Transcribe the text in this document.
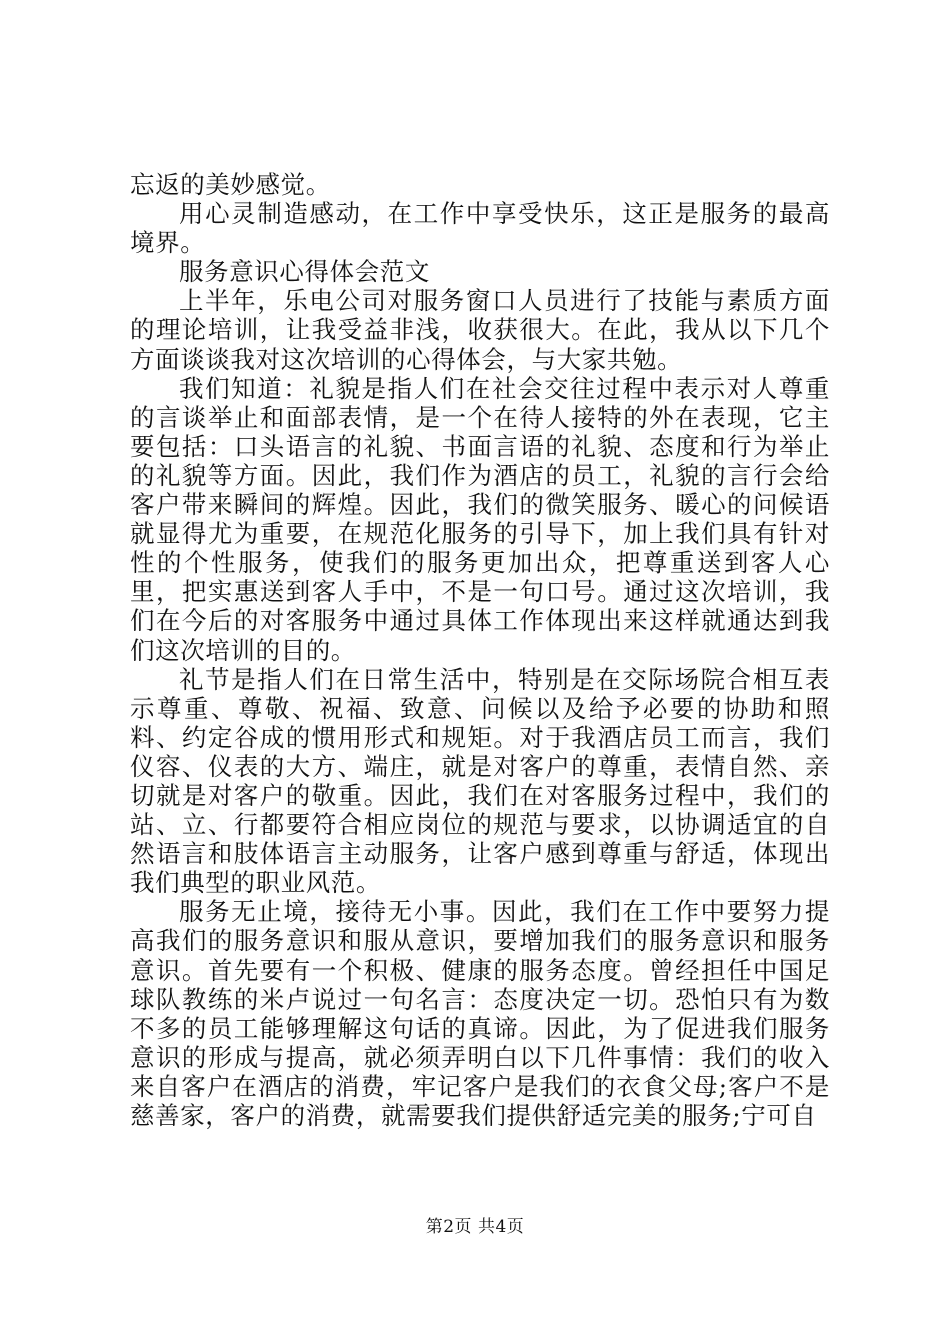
忘返的美妙感觉。

用心灵制造感动，在工作中享受快乐，这正是服务的最高境界。

服务意识心得体会范文

上半年，乐电公司对服务窗口人员进行了技能与素质方面的理论培训，让我受益非浅，收获很大。在此，我从以下几个方面谈谈我对这次培训的心得体会，与大家共勉。

我们知道：礼貌是指人们在社会交往过程中表示对人尊重的言谈举止和面部表情，是一个在待人接特的外在表现，它主要包括：口头语言的礼貌、书面言语的礼貌、态度和行为举止的礼貌等方面。因此，我们作为酒店的员工，礼貌的言行会给客户带来瞬间的辉煌。因此，我们的微笑服务、暖心的问候语就显得尤为重要，在规范化服务的引导下，加上我们具有针对性的个性服务，使我们的服务更加出众，把尊重送到客人心里，把实惠送到客人手中，不是一句口号。通过这次培训，我们在今后的对客服务中通过具体工作体现出来这样就通达到我们这次培训的目的。

礼节是指人们在日常生活中，特别是在交际场院合相互表示尊重、尊敬、祝福、致意、问候以及给予必要的协助和照料、约定谷成的惯用形式和规矩。对于我酒店员工而言，我们仪容、仪表的大方、端庄，就是对客户的尊重，表情自然、亲切就是对客户的敬重。因此，我们在对客服务过程中，我们的站、立、行都要符合相应岗位的规范与要求，以协调适宜的自然语言和肢体语言主动服务，让客户感到尊重与舒适，体现出我们典型的职业风范。

服务无止境，接待无小事。因此，我们在工作中要努力提高我们的服务意识和服从意识，要增加我们的服务意识和服务意识。首先要有一个积极、健康的服务态度。曾经担任中国足球队教练的米卢说过一句名言：态度决定一切。恐怕只有为数不多的员工能够理解这句话的真谛。因此，为了促进我们服务意识的形成与提高，就必须弄明白以下几件事情：我们的收入来自客户在酒店的消费，牢记客户是我们的衣食父母;客户不是慈善家，客户的消费，就需要我们提供舒适完美的服务;宁可自

第2页 共4页
